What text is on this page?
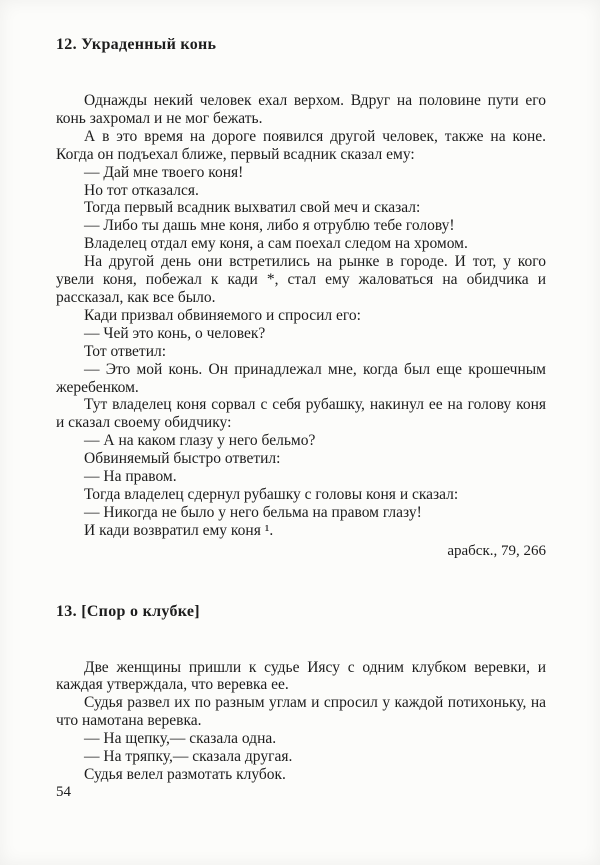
12. Украденный конь

Однажды некий человек ехал верхом. Вдруг на половине пути его конь захромал и не мог бежать.

А в это время на дороге появился другой человек, также на коне. Когда он подъехал ближе, первый всадник сказал ему:

— Дай мне твоего коня!

Но тот отказался.

Тогда первый всадник выхватил свой меч и сказал:

— Либо ты дашь мне коня, либо я отрублю тебе голову!

Владелец отдал ему коня, а сам поехал следом на хромом.

На другой день они встретились на рынке в городе. И тот, у кого увели коня, побежал к кади *, стал ему жаловаться на обидчика и рассказал, как все было.

Кади призвал обвиняемого и спросил его:

— Чей это конь, о человек?

Тот ответил:

— Это мой конь. Он принадлежал мне, когда был еще крошечным жеребенком.

Тут владелец коня сорвал с себя рубашку, накинул ее на голову коня и сказал своему обидчику:

— А на каком глазу у него бельмо?

Обвиняемый быстро ответил:

— На правом.

Тогда владелец сдернул рубашку с головы коня и сказал:

— Никогда не было у него бельма на правом глазу!

И кади возвратил ему коня ¹.

арабск., 79, 266
13. [Спор о клубке]

Две женщины пришли к судье Иясу с одним клубком веревки, и каждая утверждала, что веревка ее.

Судья развел их по разным углам и спросил у каждой потихоньку, на что намотана веревка.

— На щепку,— сказала одна.

— На тряпку,— сказала другая.

Судья велел размотать клубок.

54
